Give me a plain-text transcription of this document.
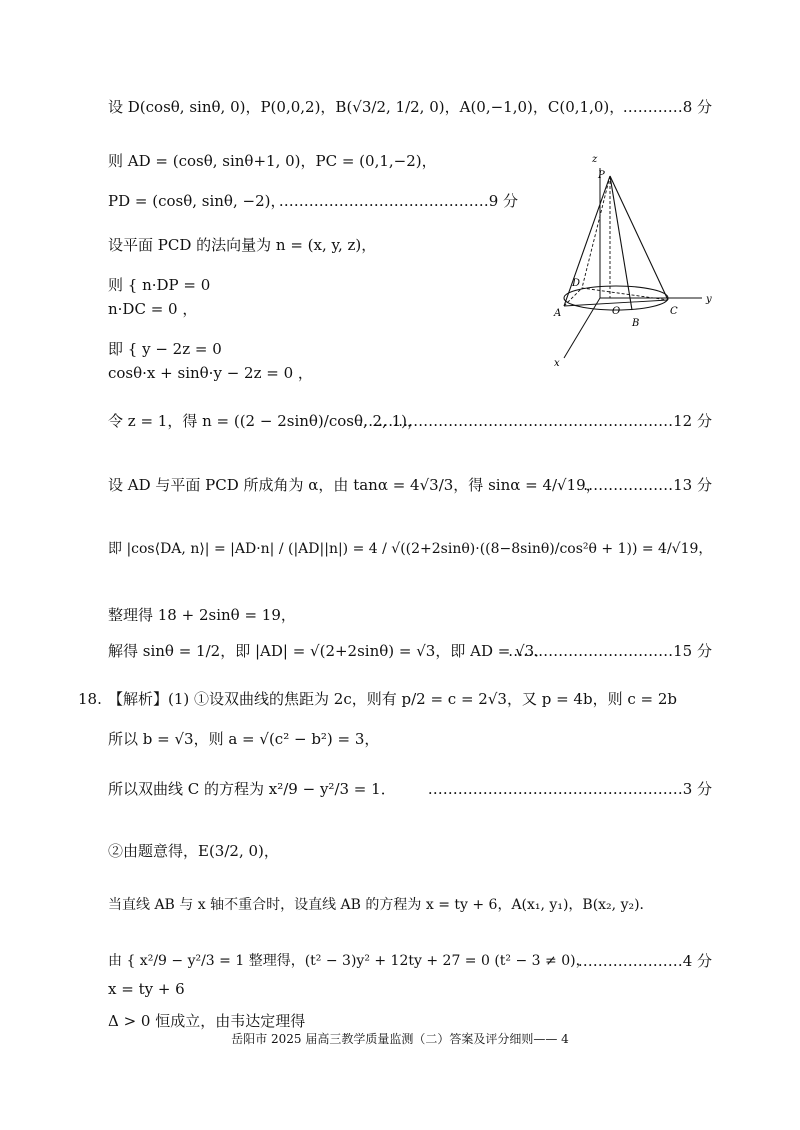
设 D(cosθ, sinθ, 0)，P(0,0,2)，B(√3/2, 1/2, 0)，A(0,−1,0)，C(0,1,0)，
…………8 分
则 AD = (cosθ, sinθ+1, 0)，PC = (0,1,−2)，
PD = (cosθ, sinθ, −2)，
……………………………………9 分
设平面 PCD 的法向量为 n = (x, y, z)，
则 { n·DP = 0
n·DC = 0 ，
即 { y − 2z = 0
cosθ·x + sinθ·y − 2z = 0 ，
令 z = 1，得 n = ((2 − 2sinθ)/cosθ, 2, 1)，
………………………………………………………12 分
设 AD 与平面 PCD 所成角为 α，由 tanα = 4√3/3，得 sinα = 4/√19，
………………13 分
即 |cos⟨DA, n⟩| = |AD·n| / (|AD||n|) = 4 / √((2+2sinθ)·((8−8sinθ)/cos²θ + 1)) = 4/√19，
整理得 18 + 2sinθ = 19，
解得 sinθ = 1/2，即 |AD| = √(2+2sinθ) = √3，即 AD = √3．
……………………………15 分
18. 【解析】(1) ①设双曲线的焦距为 2c，则有 p/2 = c = 2√3，又 p = 4b，则 c = 2b
所以 b = √3，则 a = √(c² − b²) = 3，
所以双曲线 C 的方程为 x²/9 − y²/3 = 1． ……………………………………………3 分
②由题意得，E(3/2, 0)，
当直线 AB 与 x 轴不重合时，设直线 AB 的方程为 x = ty + 6，A(x₁, y₁)，B(x₂, y₂)．
由 { x²/9 − y²/3 = 1 整理得，(t² − 3)y² + 12ty + 27 = 0 (t² − 3 ≠ 0)，
…………………4 分
x = ty + 6
Δ > 0 恒成立，由韦达定理得
z
P
D
A	O
B
C
y
x
岳阳市 2025 届高三教学质量监测（二）答案及评分细则—— 4
